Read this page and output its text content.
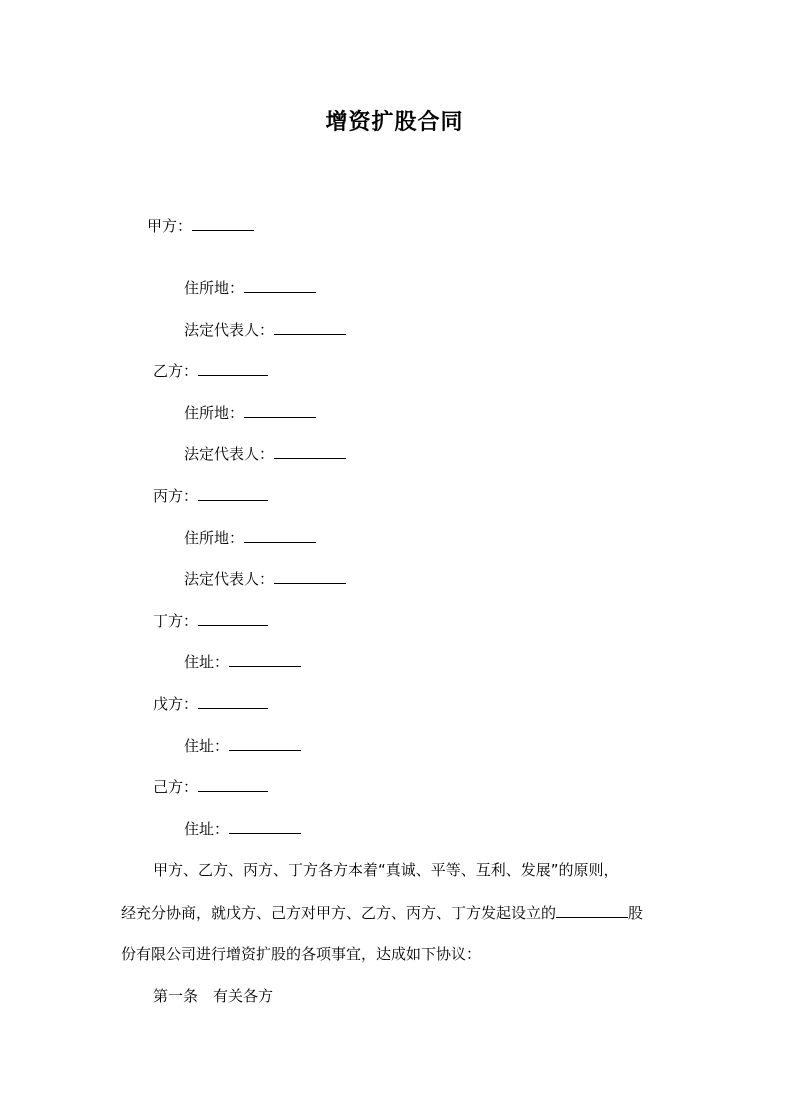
增资扩股合同
甲方：
住所地：
法定代表人：
乙方：
住所地：
法定代表人：
丙方：
住所地：
法定代表人：
丁方：
住址：
戊方：
住址：
己方：
住址：
甲方、乙方、丙方、丁方各方本着“真诚、平等、互利、发展”的原则，
经充分协商，就戊方、己方对甲方、乙方、丙方、丁方发起设立的	股
份有限公司进行增资扩股的各项事宜，达成如下协议：
第一条　有关各方
